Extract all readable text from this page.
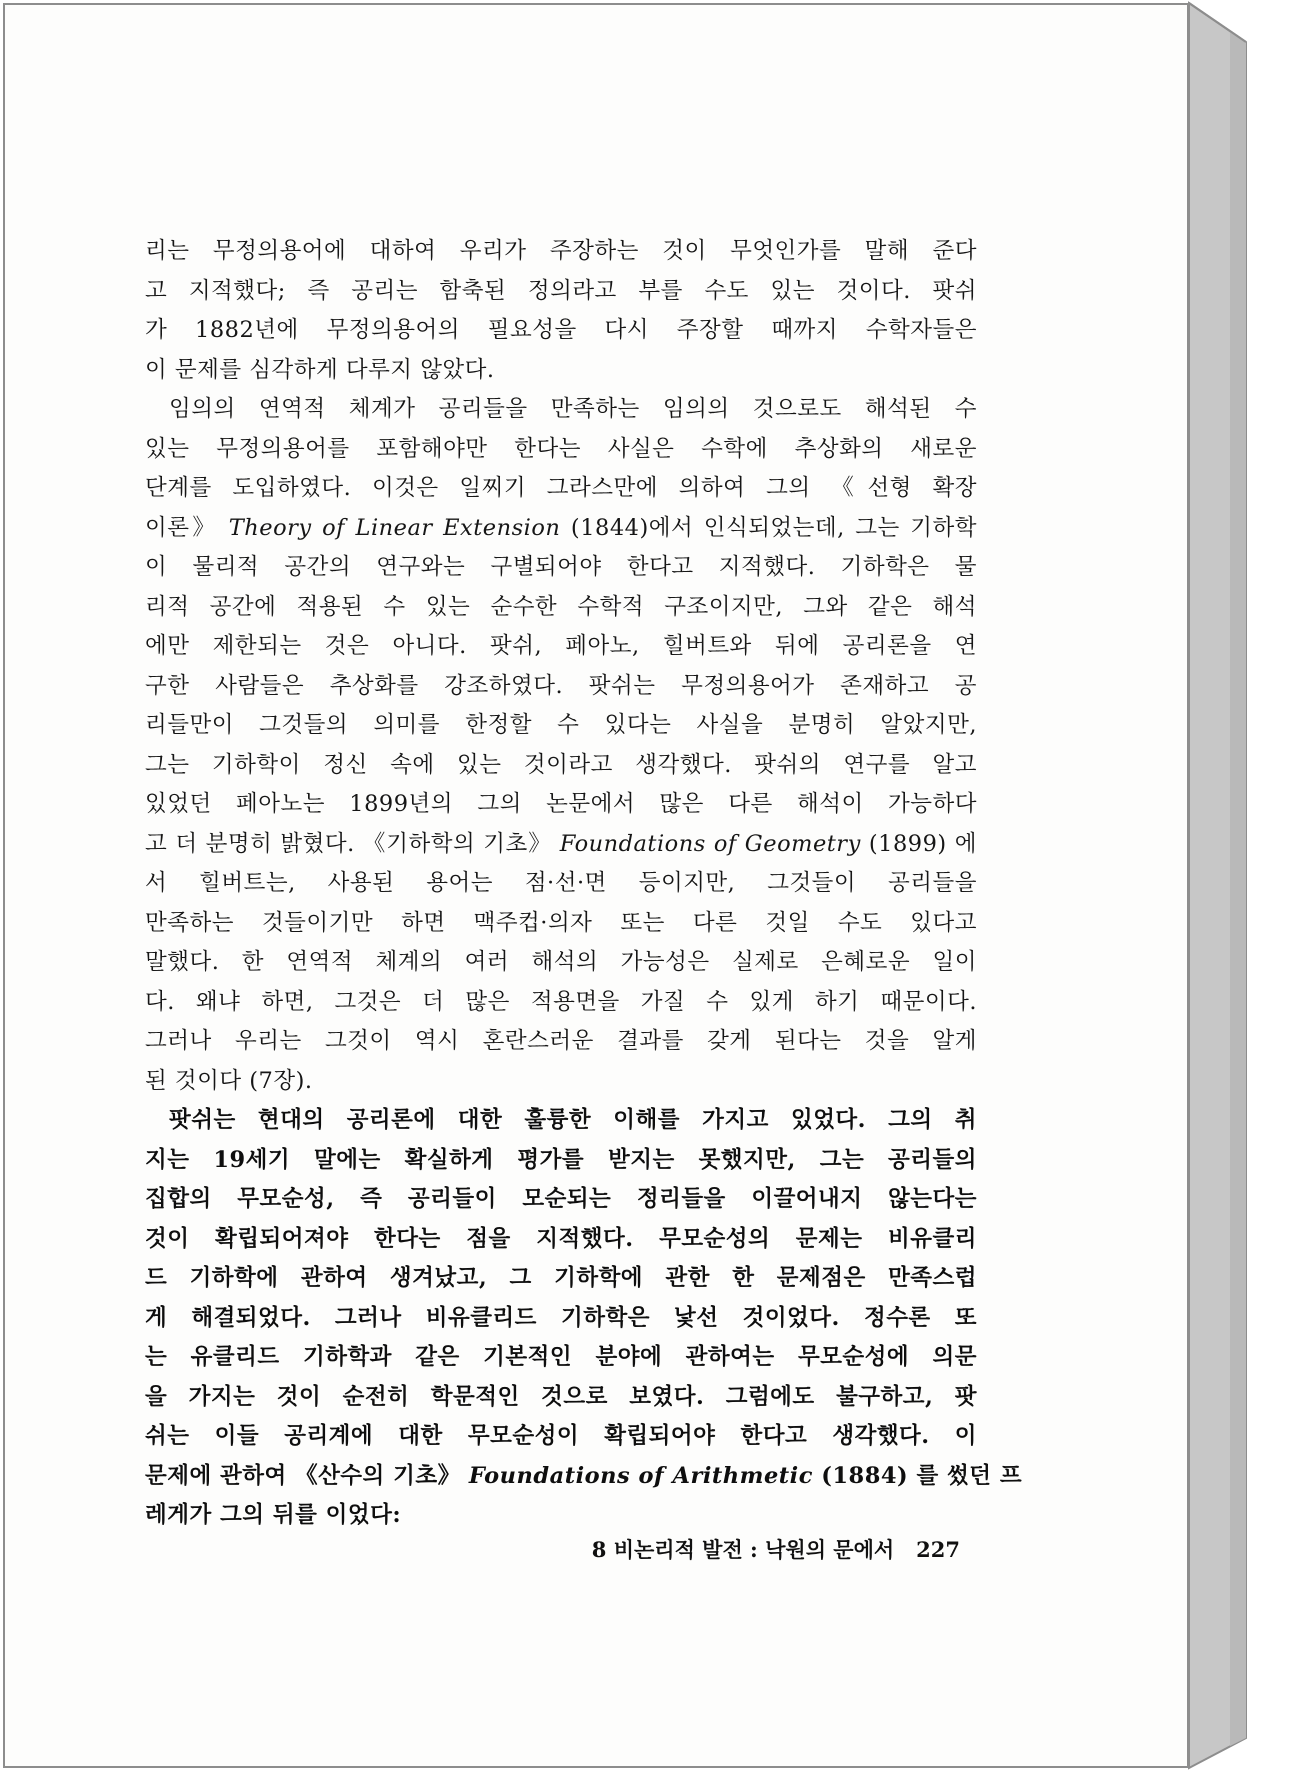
리는 무정의용어에 대하여 우리가 주장하는 것이 무엇인가를 말해 준다
고 지적했다; 즉 공리는 함축된 정의라고 부를 수도 있는 것이다. 팟쉬
가 1882년에 무정의용어의 필요성을 다시 주장할 때까지 수학자들은
이 문제를 심각하게 다루지 않았다.
임의의 연역적 체계가 공리들을 만족하는 임의의 것으로도 해석된 수
있는 무정의용어를 포함해야만 한다는 사실은 수학에 추상화의 새로운
단계를 도입하였다. 이것은 일찌기 그라스만에 의하여 그의 《선형 확장
이론》 Theory of Linear Extension (1844)에서 인식되었는데, 그는 기하학
이 물리적 공간의 연구와는 구별되어야 한다고 지적했다. 기하학은 물
리적 공간에 적용된 수 있는 순수한 수학적 구조이지만, 그와 같은 해석
에만 제한되는 것은 아니다. 팟쉬, 페아노, 힐버트와 뒤에 공리론을 연
구한 사람들은 추상화를 강조하였다. 팟쉬는 무정의용어가 존재하고 공
리들만이 그것들의 의미를 한정할 수 있다는 사실을 분명히 알았지만,
그는 기하학이 정신 속에 있는 것이라고 생각했다. 팟쉬의 연구를 알고
있었던 페아노는 1899년의 그의 논문에서 많은 다른 해석이 가능하다
고 더 분명히 밝혔다. 《기하학의 기초》 Foundations of Geometry (1899) 에
서 힐버트는, 사용된 용어는 점·선·면 등이지만, 그것들이 공리들을
만족하는 것들이기만 하면 맥주컵·의자 또는 다른 것일 수도 있다고
말했다. 한 연역적 체계의 여러 해석의 가능성은 실제로 은혜로운 일이
다. 왜냐 하면, 그것은 더 많은 적용면을 가질 수 있게 하기 때문이다.
그러나 우리는 그것이 역시 혼란스러운 결과를 갖게 된다는 것을 알게
된 것이다 (7장).
팟쉬는 현대의 공리론에 대한 훌륭한 이해를 가지고 있었다. 그의 취
지는 19세기 말에는 확실하게 평가를 받지는 못했지만, 그는 공리들의
집합의 무모순성, 즉 공리들이 모순되는 정리들을 이끌어내지 않는다는
것이 확립되어져야 한다는 점을 지적했다. 무모순성의 문제는 비유클리
드 기하학에 관하여 생겨났고, 그 기하학에 관한 한 문제점은 만족스럽
게 해결되었다. 그러나 비유클리드 기하학은 낯선 것이었다. 정수론 또
는 유클리드 기하학과 같은 기본적인 분야에 관하여는 무모순성에 의문
을 가지는 것이 순전히 학문적인 것으로 보였다. 그럼에도 불구하고, 팟
쉬는 이들 공리계에 대한 무모순성이 확립되어야 한다고 생각했다. 이
문제에 관하여 《산수의 기초》 Foundations of Arithmetic (1884) 를 썼던 프
레게가 그의 뒤를 이었다:
8 비논리적 발전 : 낙원의 문에서 227
